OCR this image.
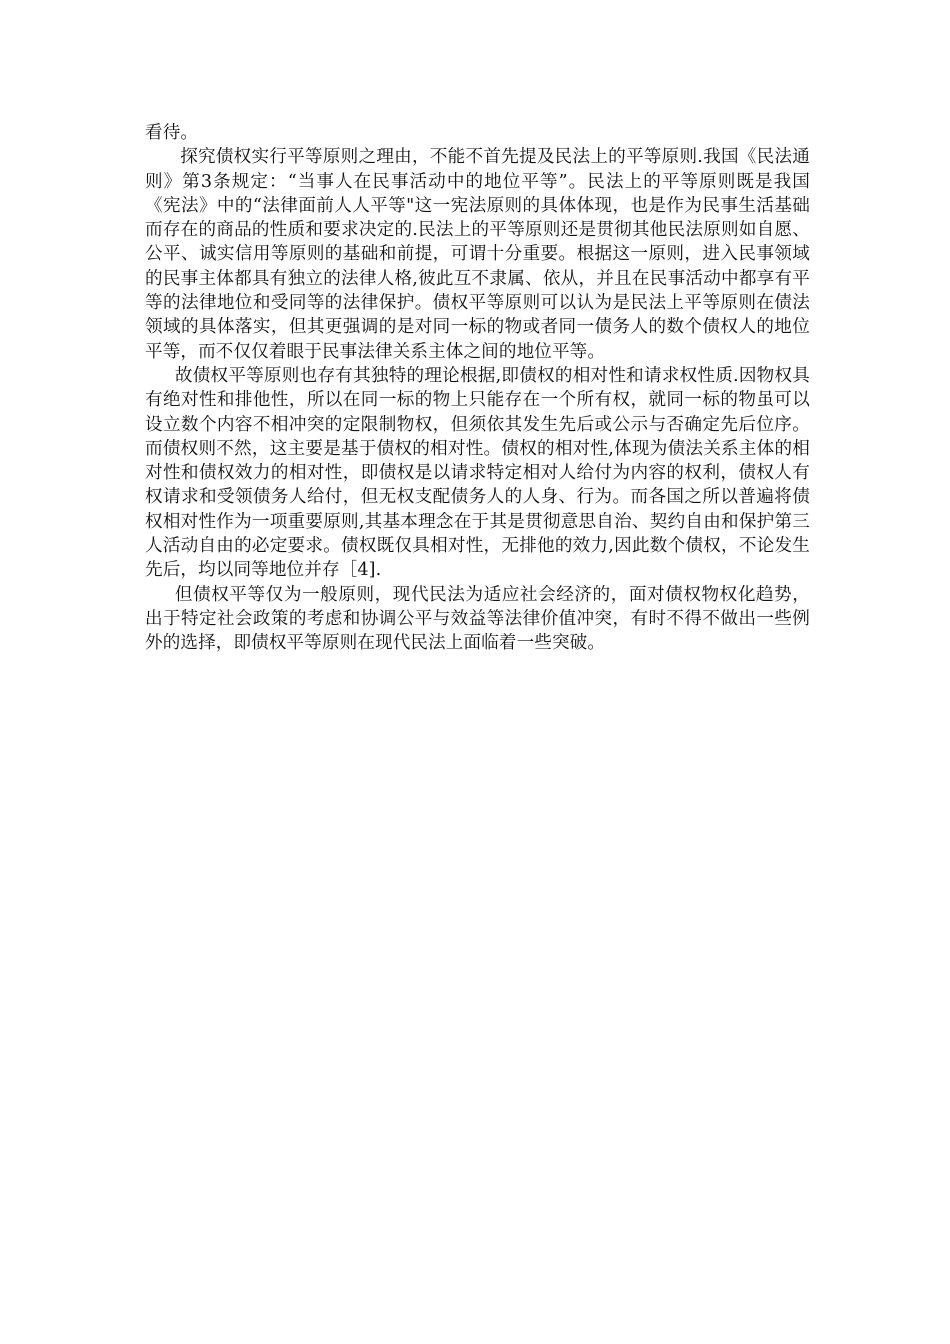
看待。

探究债权实行平等原则之理由，不能不首先提及民法上的平等原则.我国《民法通则》第3条规定：“当事人在民事活动中的地位平等”。民法上的平等原则既是我国《宪法》中的“法律面前人人平等"这一宪法原则的具体体现，也是作为民事生活基础而存在的商品的性质和要求决定的.民法上的平等原则还是贯彻其他民法原则如自愿、公平、诚实信用等原则的基础和前提，可谓十分重要。根据这一原则，进入民事领域的民事主体都具有独立的法律人格,彼此互不隶属、依从，并且在民事活动中都享有平等的法律地位和受同等的法律保护。债权平等原则可以认为是民法上平等原则在债法领域的具体落实，但其更强调的是对同一标的物或者同一债务人的数个债权人的地位平等，而不仅仅着眼于民事法律关系主体之间的地位平等。

故债权平等原则也存有其独特的理论根据,即债权的相对性和请求权性质.因物权具有绝对性和排他性，所以在同一标的物上只能存在一个所有权，就同一标的物虽可以设立数个内容不相冲突的定限制物权，但须依其发生先后或公示与否确定先后位序。而债权则不然，这主要是基于债权的相对性。债权的相对性,体现为债法关系主体的相对性和债权效力的相对性，即债权是以请求特定相对人给付为内容的权利，债权人有权请求和受领债务人给付，但无权支配债务人的人身、行为。而各国之所以普遍将债权相对性作为一项重要原则,其基本理念在于其是贯彻意思自治、契约自由和保护第三人活动自由的必定要求。债权既仅具相对性，无排他的效力,因此数个债权，不论发生先后，均以同等地位并存［4].

但债权平等仅为一般原则，现代民法为适应社会经济的，面对债权物权化趋势，出于特定社会政策的考虑和协调公平与效益等法律价值冲突，有时不得不做出一些例外的选择，即债权平等原则在现代民法上面临着一些突破。
